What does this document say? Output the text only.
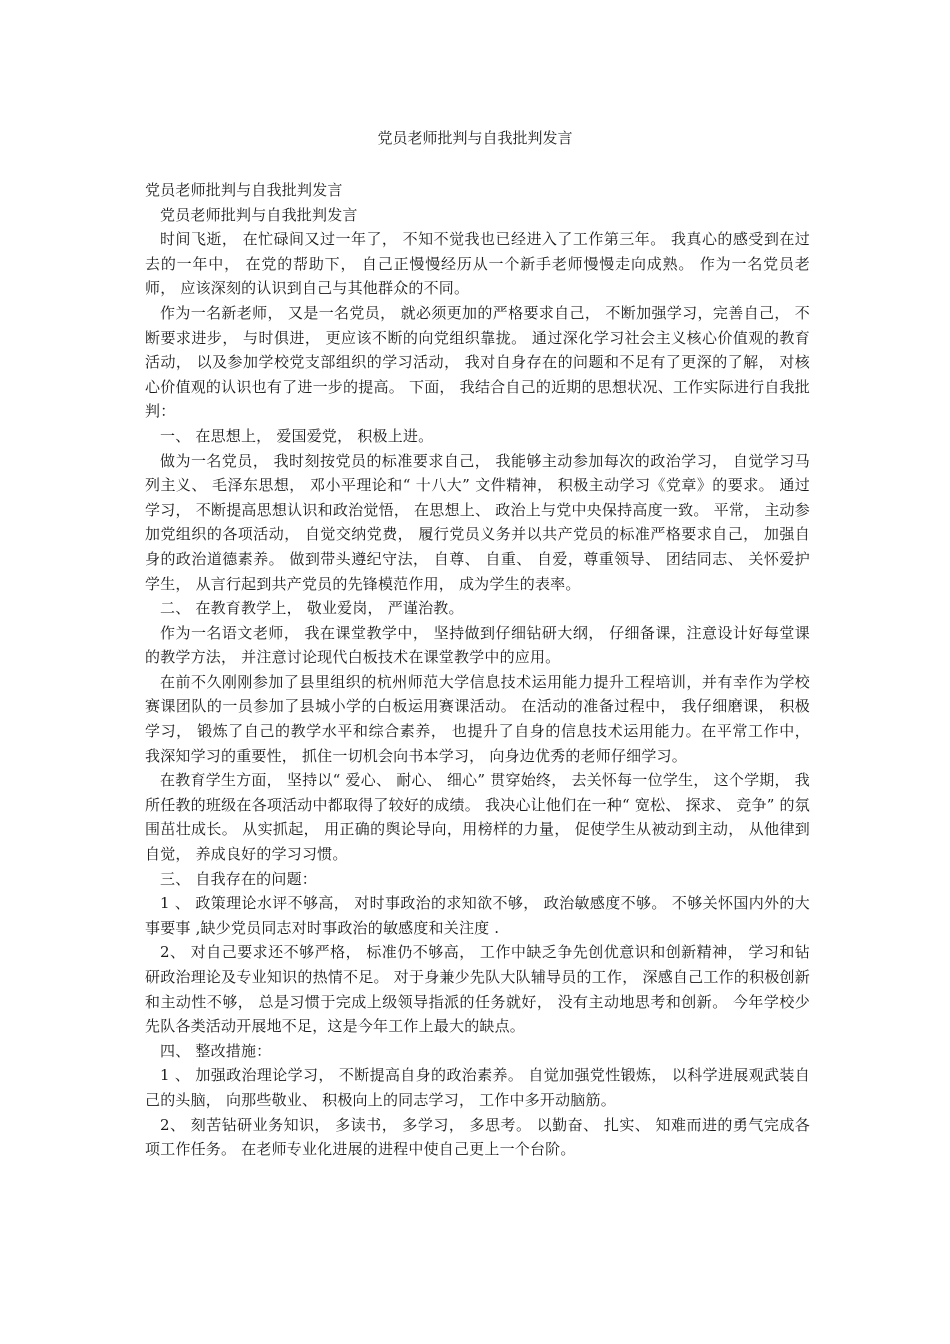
党员老师批判与自我批判发言

党员老师批判与自我批判发言

党员老师批判与自我批判发言

时间飞逝， 在忙碌间又过一年了， 不知不觉我也已经进入了工作第三年。 我真心的感受到在过去的一年中， 在党的帮助下， 自己正慢慢经历从一个新手老师慢慢走向成熟。 作为一名党员老师， 应该深刻的认识到自己与其他群众的不同。

作为一名新老师， 又是一名党员， 就必须更加的严格要求自己， 不断加强学习，完善自己， 不断要求进步， 与时俱进， 更应该不断的向党组织靠拢。 通过深化学习社会主义核心价值观的教育活动， 以及参加学校党支部组织的学习活动， 我对自身存在的问题和不足有了更深的了解， 对核心价值观的认识也有了进一步的提高。 下面， 我结合自己的近期的思想状况、工作实际进行自我批判：

一、 在思想上， 爱国爱党， 积极上进。

做为一名党员， 我时刻按党员的标准要求自己， 我能够主动参加每次的政治学习， 自觉学习马列主义、 毛泽东思想， 邓小平理论和“ 十八大” 文件精神， 积极主动学习《党章》的要求。 通过学习， 不断提高思想认识和政治觉悟， 在思想上、 政治上与党中央保持高度一致。 平常， 主动参加党组织的各项活动， 自觉交纳党费， 履行党员义务并以共产党员的标准严格要求自己， 加强自身的政治道德素养。 做到带头遵纪守法， 自尊、 自重、 自爱，尊重领导、 团结同志、 关怀爱护学生， 从言行起到共产党员的先锋模范作用， 成为学生的表率。

二、 在教育教学上， 敬业爱岗， 严谨治教。

作为一名语文老师， 我在课堂教学中， 坚持做到仔细钻研大纲， 仔细备课，注意设计好每堂课的教学方法， 并注意讨论现代白板技术在课堂教学中的应用。

在前不久刚刚参加了县里组织的杭州师范大学信息技术运用能力提升工程培训，并有幸作为学校赛课团队的一员参加了县城小学的白板运用赛课活动。 在活动的准备过程中， 我仔细磨课， 积极学习， 锻炼了自己的教学水平和综合素养， 也提升了自身的信息技术运用能力。在平常工作中， 我深知学习的重要性， 抓住一切机会向书本学习， 向身边优秀的老师仔细学习。

在教育学生方面， 坚持以“ 爱心、 耐心、 细心” 贯穿始终， 去关怀每一位学生， 这个学期， 我所任教的班级在各项活动中都取得了较好的成绩。 我决心让他们在一种“ 宽松、 探求、 竞争” 的氛围茁壮成长。 从实抓起， 用正确的舆论导向，用榜样的力量， 促使学生从被动到主动， 从他律到自觉， 养成良好的学习习惯。

三、 自我存在的问题：

1 、 政策理论水评不够高， 对时事政治的求知欲不够， 政治敏感度不够。 不够关怀国内外的大事要事 ,缺少党员同志对时事政治的敏感度和关注度 .

2、 对自己要求还不够严格， 标准仍不够高， 工作中缺乏争先创优意识和创新精神， 学习和钻研政治理论及专业知识的热情不足。 对于身兼少先队大队辅导员的工作， 深感自己工作的积极创新和主动性不够， 总是习惯于完成上级领导指派的任务就好， 没有主动地思考和创新。 今年学校少先队各类活动开展地不足，这是今年工作上最大的缺点。

四、 整改措施：

1 、 加强政治理论学习， 不断提高自身的政治素养。 自觉加强党性锻炼， 以科学进展观武装自己的头脑， 向那些敬业、 积极向上的同志学习， 工作中多开动脑筋。

2、 刻苦钻研业务知识， 多读书， 多学习， 多思考。 以勤奋、 扎实、 知难而进的勇气完成各项工作任务。 在老师专业化进展的进程中使自己更上一个台阶。
